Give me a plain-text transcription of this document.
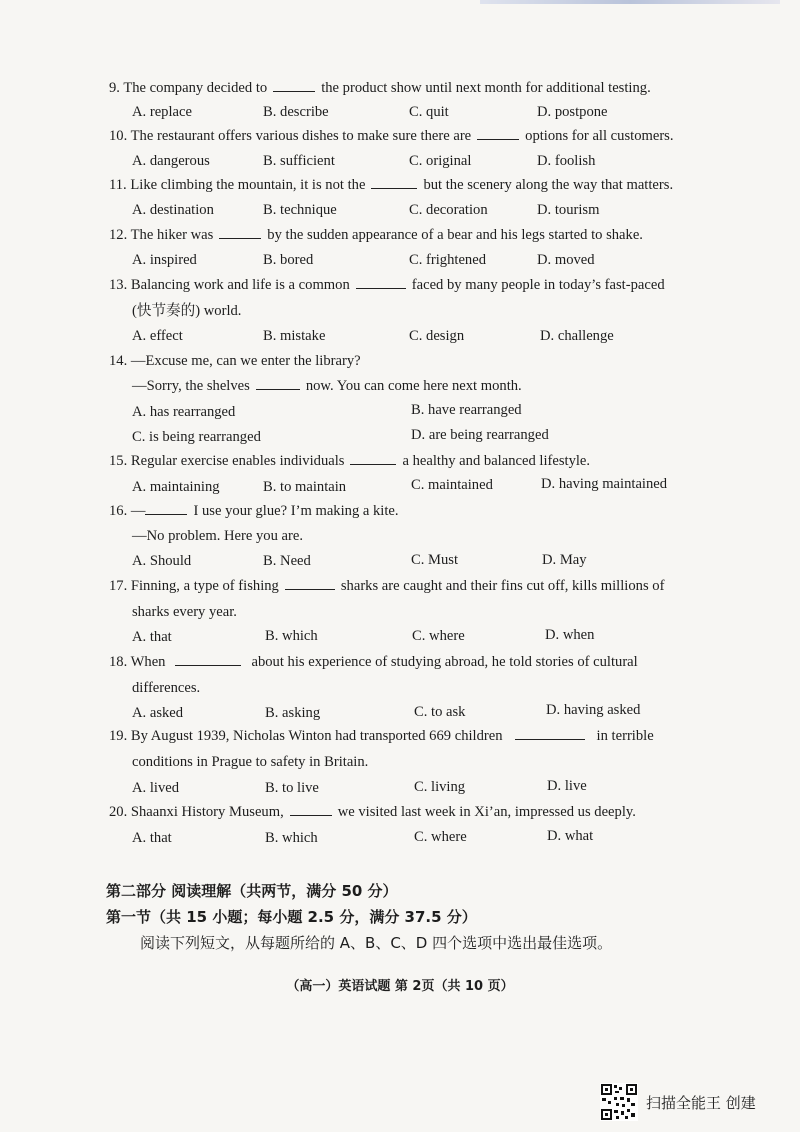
9. The company decided to	the product show until next month for additional testing.
A. replace	B. describe	C. quit	D. postpone
10. The restaurant offers various dishes to make sure there are	options for all customers.
A. dangerous	B. sufficient	C. original	D. foolish
11. Like climbing the mountain, it is not the	but the scenery along the way that matters.
A. destination	B. technique	C. decoration	D. tourism
12. The hiker was	by the sudden appearance of a bear and his legs started to shake.
A. inspired	B. bored	C. frightened	D. moved
13. Balancing work and life is a common	faced by many people in today’s fast-paced
(快节奏的) world.
A. effect	B. mistake	C. design	D. challenge
14. —Excuse me, can we enter the library?
—Sorry, the shelves	now. You can come here next month.
A. has rearranged	B. have rearranged
C. is being rearranged	D. are being rearranged
15. Regular exercise enables individuals	a healthy and balanced lifestyle.
A. maintaining	B. to maintain	C. maintained	D. having maintained
16. —	I use your glue? I’m making a kite.
—No problem. Here you are.
A. Should	B. Need	C. Must	D. May
17. Finning, a type of fishing	sharks are caught and their fins cut off, kills millions of
sharks every year.
A. that	B. which	C. where	D. when
18. When	about his experience of studying abroad, he told stories of cultural
differences.
A. asked	B. asking	C. to ask	D. having asked
19. By August 1939, Nicholas Winton had transported 669 children	in terrible
conditions in Prague to safety in Britain.
A. lived	B. to live	C. living	D. live
20. Shaanxi History Museum,	we visited last week in Xi’an, impressed us deeply.
A. that	B. which	C. where	D. what
第二部分 阅读理解（共两节，满分 50 分）
第一节（共 15 小题；每小题 2.5 分，满分 37.5 分）
阅读下列短文，从每题所给的 A、B、C、D 四个选项中选出最佳选项。
（高一）英语试题 第 2页（共 10 页）
扫描全能王 创建
